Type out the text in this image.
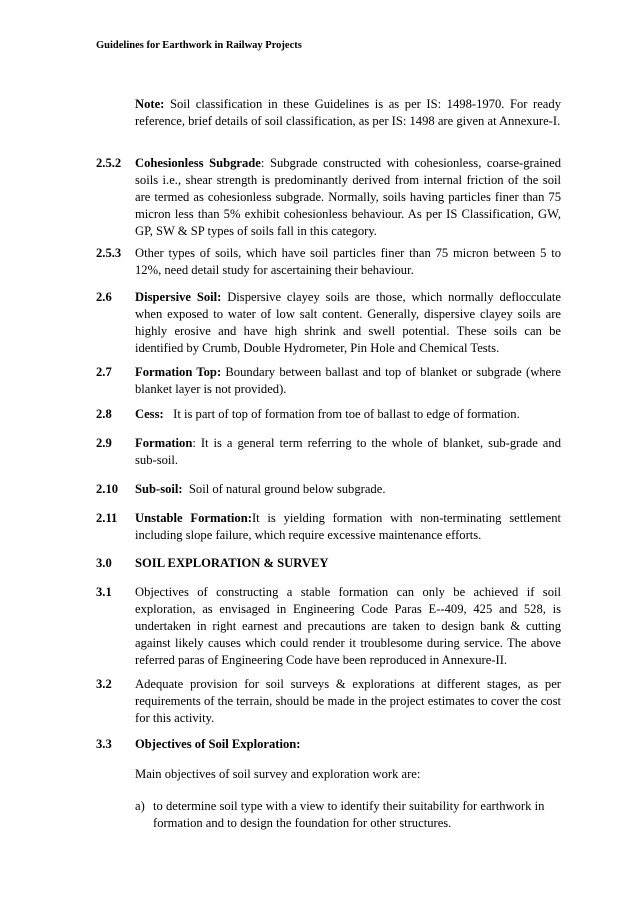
Guidelines for Earthwork in Railway Projects
Note: Soil classification in these Guidelines is as per IS: 1498-1970. For ready reference, brief details of soil classification, as per IS: 1498 are given at Annexure-I.
2.5.2 Cohesionless Subgrade: Subgrade constructed with cohesionless, coarse-grained soils i.e., shear strength is predominantly derived from internal friction of the soil are termed as cohesionless subgrade. Normally, soils having particles finer than 75 micron less than 5% exhibit cohesionless behaviour. As per IS Classification, GW, GP, SW & SP types of soils fall in this category.
2.5.3 Other types of soils, which have soil particles finer than 75 micron between 5 to 12%, need detail study for ascertaining their behaviour.
2.6 Dispersive Soil: Dispersive clayey soils are those, which normally deflocculate when exposed to water of low salt content. Generally, dispersive clayey soils are highly erosive and have high shrink and swell potential. These soils can be identified by Crumb, Double Hydrometer, Pin Hole and Chemical Tests.
2.7 Formation Top: Boundary between ballast and top of blanket or subgrade (where blanket layer is not provided).
2.8 Cess:   It is part of top of formation from toe of ballast to edge of formation.
2.9 Formation: It is a general term referring to the whole of blanket, sub-grade and sub-soil.
2.10 Sub-soil:  Soil of natural ground below subgrade.
2.11 Unstable Formation:It is yielding formation with non-terminating settlement including slope failure, which require excessive maintenance efforts.
3.0 SOIL EXPLORATION & SURVEY
3.1 Objectives of constructing a stable formation can only be achieved if soil exploration, as envisaged in Engineering Code Paras E--409, 425 and 528, is undertaken in right earnest and precautions are taken to design bank & cutting against likely causes which could render it troublesome during service. The above referred paras of Engineering Code have been reproduced in Annexure-II.
3.2 Adequate provision for soil surveys & explorations at different stages, as per requirements of the terrain, should be made in the project estimates to cover the cost for this activity.
3.3 Objectives of Soil Exploration:
Main objectives of soil survey and exploration work are:
a) to determine soil type with a view to identify their suitability for earthwork in formation and to design the foundation for other structures.
